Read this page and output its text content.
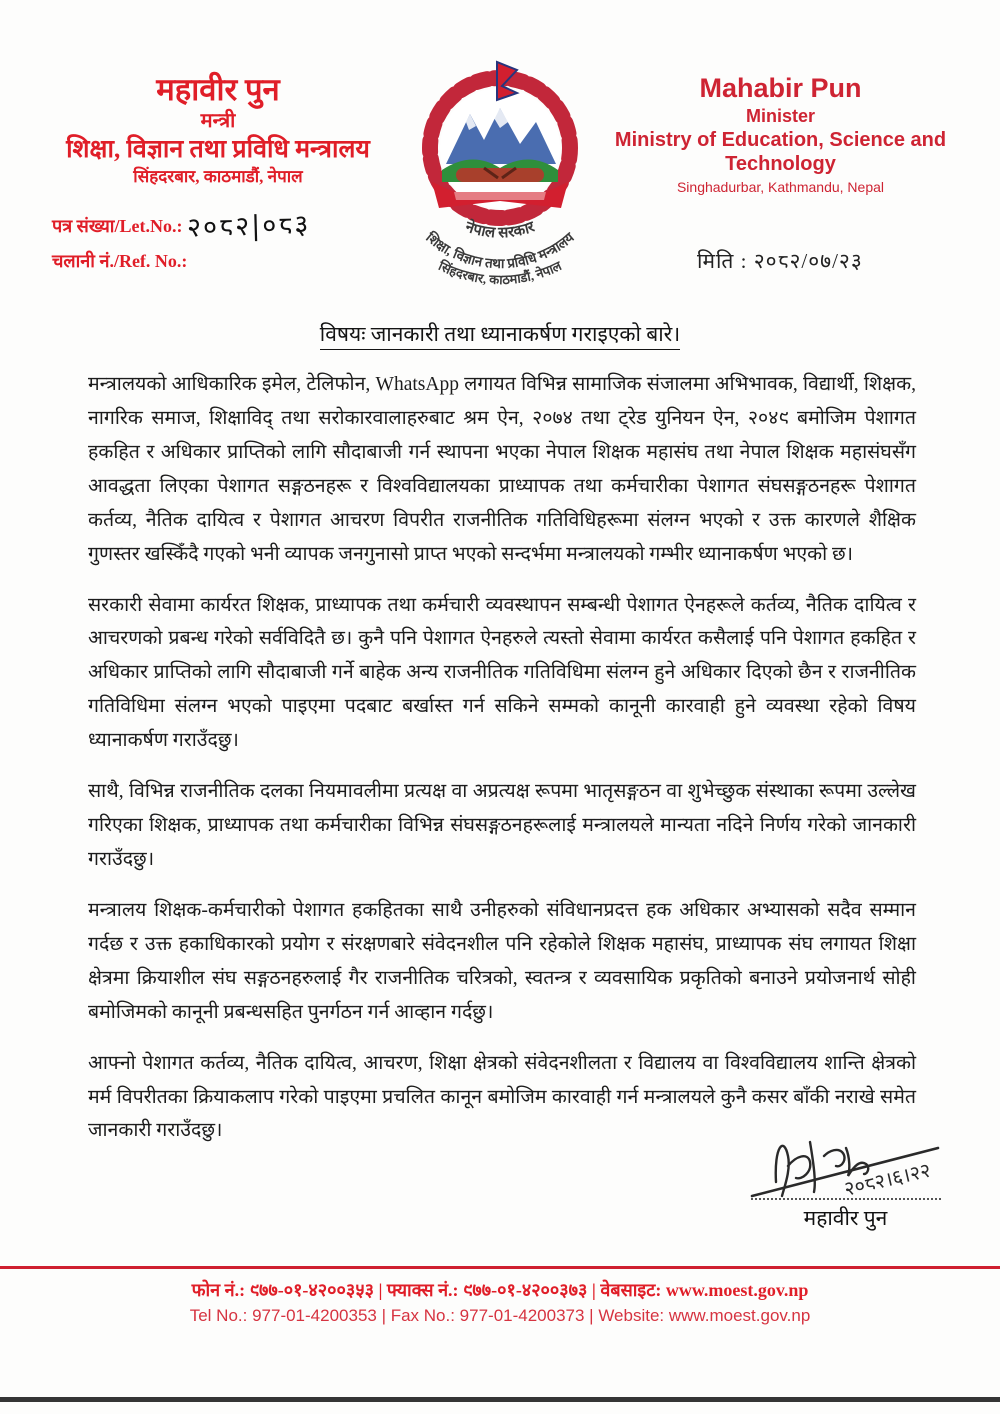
महावीर पुन
मन्त्री
शिक्षा, विज्ञान तथा प्रविधि मन्त्रालय
सिंहदरबार, काठमाडौं, नेपाल
नेपाल सरकार
शिक्षा, विज्ञान तथा प्रविधि मन्त्रालय
सिंहदरबार, काठमाडौं, नेपाल
Mahabir Pun
Minister
Ministry of Education, Science and
Technology
Singhadurbar, Kathmandu, Nepal
पत्र संख्या/Let.No.: २०८२|०८३
चलानी नं./Ref. No.:	मिति : २०८२/०७/२३
विषयः जानकारी तथा ध्यानाकर्षण गराइएको बारे।

मन्त्रालयको आधिकारिक इमेल, टेलिफोन, WhatsApp लगायत विभिन्न सामाजिक संजालमा अभिभावक, विद्यार्थी, शिक्षक, नागरिक समाज, शिक्षाविद् तथा सरोकारवालाहरुबाट श्रम ऐन, २०७४ तथा ट्रेड युनियन ऐन, २०४९ बमोजिम पेशागत हकहित र अधिकार प्राप्तिको लागि सौदाबाजी गर्न स्थापना भएका नेपाल शिक्षक महासंघ तथा नेपाल शिक्षक महासंघसँग आवद्धता लिएका पेशागत सङ्गठनहरू र विश्वविद्यालयका प्राध्यापक तथा कर्मचारीका पेशागत संघसङ्गठनहरू पेशागत कर्तव्य, नैतिक दायित्व र पेशागत आचरण विपरीत राजनीतिक गतिविधिहरूमा संलग्न भएको र उक्त कारणले शैक्षिक गुणस्तर खस्किँदै गएको भनी व्यापक जनगुनासो प्राप्त भएको सन्दर्भमा मन्त्रालयको गम्भीर ध्यानाकर्षण भएको छ।

सरकारी सेवामा कार्यरत शिक्षक, प्राध्यापक तथा कर्मचारी व्यवस्थापन सम्बन्धी पेशागत ऐनहरूले कर्तव्य, नैतिक दायित्व र आचरणको प्रबन्ध गरेको सर्वविदितै छ। कुनै पनि पेशागत ऐनहरुले त्यस्तो सेवामा कार्यरत कसैलाई पनि पेशागत हकहित र अधिकार प्राप्तिको लागि सौदाबाजी गर्ने बाहेक अन्य राजनीतिक गतिविधिमा संलग्न हुने अधिकार दिएको छैन र राजनीतिक गतिविधिमा संलग्न भएको पाइएमा पदबाट बर्खास्त गर्न सकिने सम्मको कानूनी कारवाही हुने व्यवस्था रहेको विषय ध्यानाकर्षण गराउँदछु।

साथै, विभिन्न राजनीतिक दलका नियमावलीमा प्रत्यक्ष वा अप्रत्यक्ष रूपमा भातृसङ्गठन वा शुभेच्छुक संस्थाका रूपमा उल्लेख गरिएका शिक्षक, प्राध्यापक तथा कर्मचारीका विभिन्न संघसङ्गठनहरूलाई मन्त्रालयले मान्यता नदिने निर्णय गरेको जानकारी गराउँदछु।

मन्त्रालय शिक्षक-कर्मचारीको पेशागत हकहितका साथै उनीहरुको संविधानप्रदत्त हक अधिकार अभ्यासको सदैव सम्मान गर्दछ र उक्त हकाधिकारको प्रयोग र संरक्षणबारे संवेदनशील पनि रहेकोले शिक्षक महासंघ, प्राध्यापक संघ लगायत शिक्षा क्षेत्रमा क्रियाशील संघ सङ्गठनहरुलाई गैर राजनीतिक चरित्रको, स्वतन्त्र र व्यवसायिक प्रकृतिको बनाउने प्रयोजनार्थ सोही बमोजिमको कानूनी प्रबन्धसहित पुनर्गठन गर्न आव्हान गर्दछु।

आफ्नो पेशागत कर्तव्य, नैतिक दायित्व, आचरण, शिक्षा क्षेत्रको संवेदनशीलता र विद्यालय वा विश्वविद्यालय शान्ति क्षेत्रको मर्म विपरीतका क्रियाकलाप गरेको पाइएमा प्रचलित कानून बमोजिम कारवाही गर्न मन्त्रालयले कुनै कसर बाँकी नराखे समेत जानकारी गराउँदछु।

२०८२।६।२२
महावीर पुन
फोन नं.: ९७७-०१-४२००३५३ | फ्याक्स नं.: ९७७-०१-४२००३७३ | वेबसाइट: www.moest.gov.np
Tel No.: 977-01-4200353 | Fax No.: 977-01-4200373 | Website: www.moest.gov.np
